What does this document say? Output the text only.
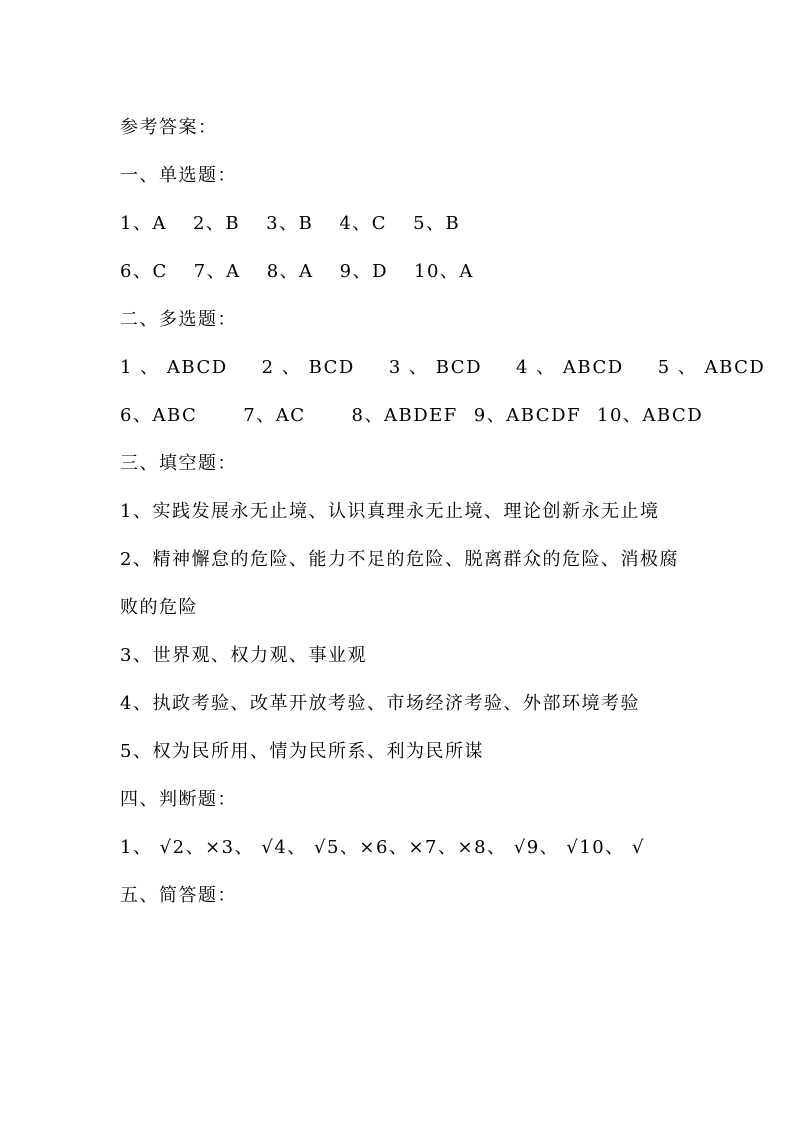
参考答案：
一、单选题：
1、A 2、B 3、B 4、C 5、B
6、C 7、A 8、A 9、D 10、A
二、多选题：
1 、 ABCD 2 、 BCD 3 、 BCD 4 、 ABCD 5 、 ABCD
6、ABC	7、AC	8、ABDEF 9、ABCDF 10、ABCD
三、填空题：
1、实践发展永无止境、认识真理永无止境、理论创新永无止境
2、精神懈怠的危险、能力不足的危险、脱离群众的危险、消极腐败的危险
3、世界观、权力观、事业观
4、执政考验、改革开放考验、市场经济考验、外部环境考验
5、权为民所用、情为民所系、利为民所谋
四、判断题：
1、 √2、×3、 √4、 √5、×6、×7、×8、 √9、 √10、 √
五、简答题：
